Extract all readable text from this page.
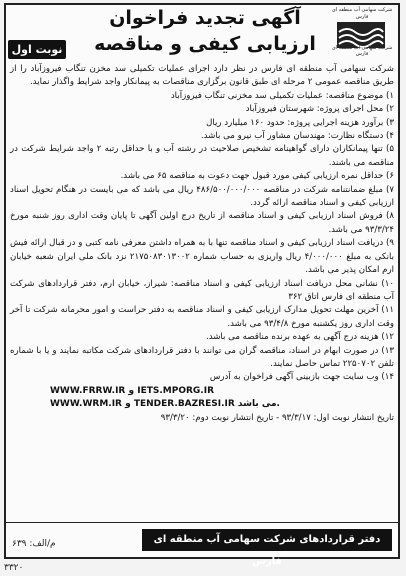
شرکت سهامی آب منطقه ای فارس
شرکت سهامی آب منطقه ای فارس
آگهی تجدید فراخوان
ارزیابی کیفی و مناقصه
نوبت اول

شرکت سهامی آب منطقه ای فارس در نظر دارد اجرای عملیات تکمیلی سد مخزن تنگاب فیروزآباد را از طریق مناقصه عمومی ۲ مرحله ای طبق قانون برگزاری مناقصات به پیمانکار واجد شرایط واگذار نماید.

۱) موضوع مناقصه: عملیات تکمیلی سد مخزنی تنگاب فیروزآباد

۲) محل اجرای پروژه: شهرستان فیروزآباد

۳) برآورد هزینه اجرایی پروژه: حدود ۱۶۰ میلیارد ریال

۴) دستگاه نظارت: مهندسان مشاور آب نیرو می باشد.

۵) تنها پیمانکاران دارای گواهینامه تشخیص صلاحیت در رشته آب و با حداقل رتبه ۲ واجد شرایط شرکت در مناقصه می باشند.

۶) حداقل نمره ارزیابی کیفی مورد قبول جهت دعوت به مناقصه ۶۵ می باشد.

۷) مبلغ ضمانتنامه شرکت در مناقصه ۴۸۶/۵۰۰/۰۰۰/۰۰۰ ریال می باشد که می بایست در هنگام تحویل اسناد ارزیابی کیفی و اسناد مناقصه ارائه گردد.

۸) فروش اسناد ارزیابی کیفی و اسناد مناقصه از تاریخ درج اولین آگهی تا پایان وقت اداری روز شنبه مورخ ۹۳/۳/۲۴ می باشد.

۹) دریافت اسناد ارزیابی کیفی و اسناد مناقصه تنها با به همراه داشتن معرفی نامه کتبی و در قبال ارائه فیش بانکی به مبلغ ۴/۰۰۰/۰۰۰ ریال واریزی به حساب شماره ۲۱۷۵۰۸۳۰۱۳۰۰۲ نزد بانک ملی ایران شعبه خیابان ارم امکان پذیر می باشد.

۱۰) نشانی محل دریافت اسناد ارزیابی کیفی و اسناد مناقصه: شیراز، خیابان ارم، دفتر قراردادهای شرکت آب منطقه ای فارس اتاق ۳۶۲

۱۱) آخرین مهلت تحویل مدارک ارزیابی کیفی و اسناد مناقصه به دفتر حراست و امور محرمانه شرکت تا آخر وقت اداری روز یکشنبه مورخ ۹۳/۴/۸ می باشد.

۱۲) هزینه درج آگهی به عهده برنده مناقصه می باشد.

۱۳) در صورت ابهام در اسناد، مناقصه گران می توانند با دفتر قراردادهای شرکت مکاتبه نمایند و یا با شماره تلفن ۲۲۵۰۷۰۲ تماس حاصل نمایند.

۱۴) وب سایت جهت بازبینی آگهی فراخوان به آدرس

WWW.FRRW.IR و IETS.MPORG.IR

WWW.WRM.IR و TENDER.BAZRESI.IR می باشد.

تاریخ انتشار نوبت اول: ۹۳/۳/۱۷ - تاریخ انتشار نوبت دوم: ۹۳/۳/۲۰

دفتر قراردادهای شرکت سهامی آب منطقه ای فارس
م/الف: ۶۳۹
۳۳۲۰
